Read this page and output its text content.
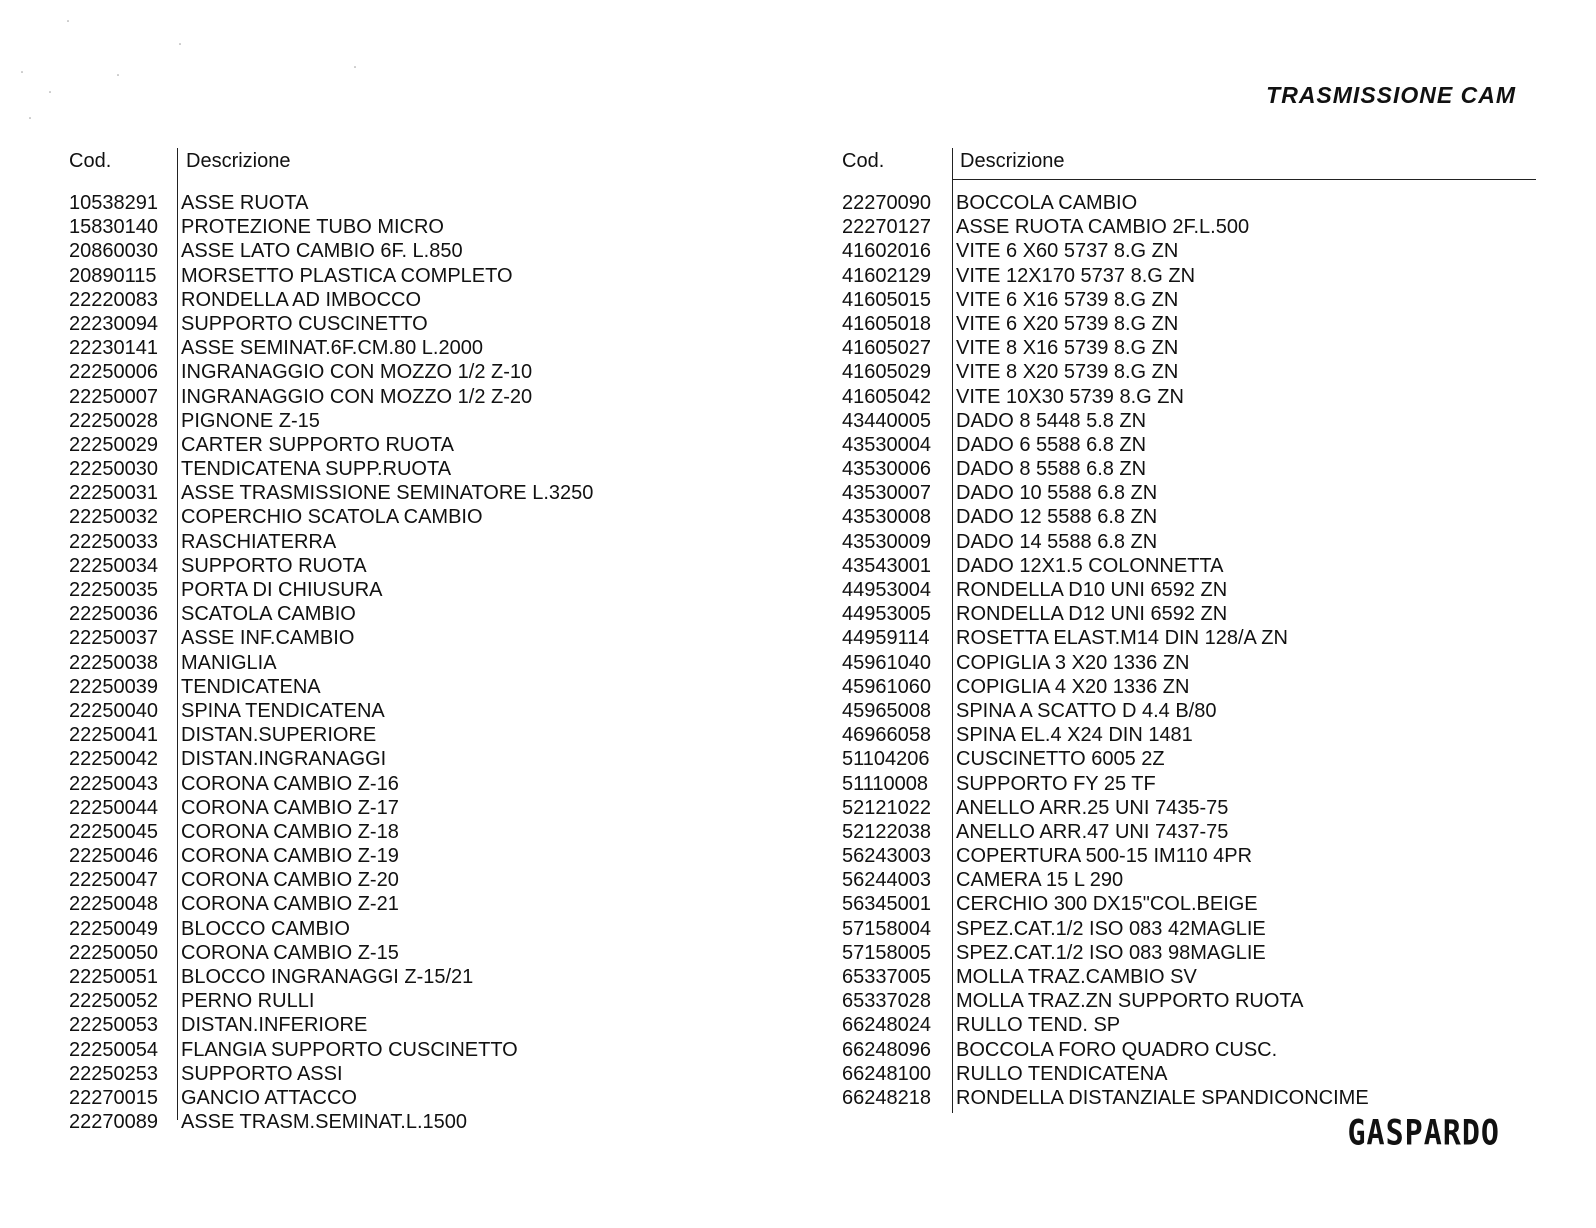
TRASMISSIONE CAM
Cod.	Descrizione
10538291 ASSE RUOTA
15830140 PROTEZIONE TUBO MICRO
20860030 ASSE LATO CAMBIO 6F. L.850
20890115 MORSETTO PLASTICA COMPLETO
22220083 RONDELLA AD IMBOCCO
22230094 SUPPORTO CUSCINETTO
22230141 ASSE SEMINAT.6F.CM.80 L.2000
22250006 INGRANAGGIO CON MOZZO 1/2 Z-10
22250007 INGRANAGGIO CON MOZZO 1/2 Z-20
22250028 PIGNONE Z-15
22250029 CARTER SUPPORTO RUOTA
22250030 TENDICATENA SUPP.RUOTA
22250031 ASSE TRASMISSIONE SEMINATORE L.3250
22250032 COPERCHIO SCATOLA CAMBIO
22250033 RASCHIATERRA
22250034 SUPPORTO RUOTA
22250035 PORTA DI CHIUSURA
22250036 SCATOLA CAMBIO
22250037 ASSE INF.CAMBIO
22250038 MANIGLIA
22250039 TENDICATENA
22250040 SPINA TENDICATENA
22250041 DISTAN.SUPERIORE
22250042 DISTAN.INGRANAGGI
22250043 CORONA CAMBIO Z-16
22250044 CORONA CAMBIO Z-17
22250045 CORONA CAMBIO Z-18
22250046 CORONA CAMBIO Z-19
22250047 CORONA CAMBIO Z-20
22250048 CORONA CAMBIO Z-21
22250049 BLOCCO CAMBIO
22250050 CORONA CAMBIO Z-15
22250051 BLOCCO INGRANAGGI Z-15/21
22250052 PERNO RULLI
22250053 DISTAN.INFERIORE
22250054 FLANGIA SUPPORTO CUSCINETTO
22250253 SUPPORTO ASSI
22270015 GANCIO ATTACCO
22270089 ASSE TRASM.SEMINAT.L.1500
Cod.	Descrizione
22270090 BOCCOLA CAMBIO
22270127 ASSE RUOTA CAMBIO 2F.L.500
41602016 VITE 6 X60 5737 8.G ZN
41602129 VITE 12X170 5737 8.G ZN
41605015 VITE 6 X16 5739 8.G ZN
41605018 VITE 6 X20 5739 8.G ZN
41605027 VITE 8 X16 5739 8.G ZN
41605029 VITE 8 X20 5739 8.G ZN
41605042 VITE 10X30 5739 8.G ZN
43440005 DADO 8 5448 5.8 ZN
43530004 DADO 6 5588 6.8 ZN
43530006 DADO 8 5588 6.8 ZN
43530007 DADO 10 5588 6.8 ZN
43530008 DADO 12 5588 6.8 ZN
43530009 DADO 14 5588 6.8 ZN
43543001 DADO 12X1.5 COLONNETTA
44953004 RONDELLA D10 UNI 6592 ZN
44953005 RONDELLA D12 UNI 6592 ZN
44959114 ROSETTA ELAST.M14 DIN 128/A ZN
45961040 COPIGLIA 3 X20 1336 ZN
45961060 COPIGLIA 4 X20 1336 ZN
45965008 SPINA A SCATTO D 4.4 B/80
46966058 SPINA EL.4 X24 DIN 1481
51104206 CUSCINETTO 6005 2Z
51110008 SUPPORTO FY 25 TF
52121022 ANELLO ARR.25 UNI 7435-75
52122038 ANELLO ARR.47 UNI 7437-75
56243003 COPERTURA 500-15 IM110 4PR
56244003 CAMERA 15 L 290
56345001 CERCHIO 300 DX15"COL.BEIGE
57158004 SPEZ.CAT.1/2 ISO 083 42MAGLIE
57158005 SPEZ.CAT.1/2 ISO 083 98MAGLIE
65337005 MOLLA TRAZ.CAMBIO SV
65337028 MOLLA TRAZ.ZN SUPPORTO RUOTA
66248024 RULLO TEND. SP
66248096 BOCCOLA FORO QUADRO CUSC.
66248100 RULLO TENDICATENA
66248218 RONDELLA DISTANZIALE SPANDICONCIME
GASPARDO
